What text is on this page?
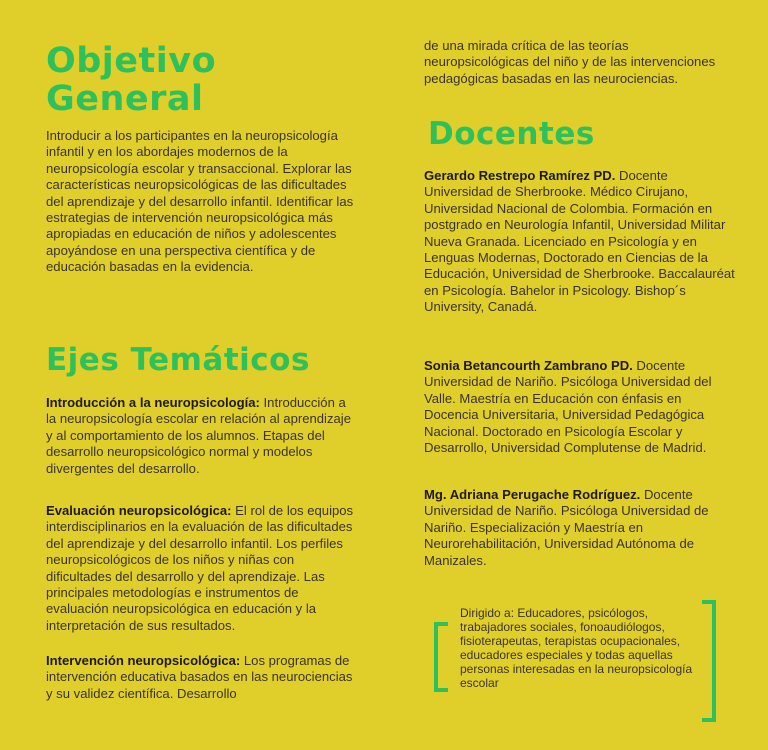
Objetivo
General

Introducir a los participantes en la neuropsicología infantil y en los abordajes modernos de la neuropsicología escolar y transaccional. Explorar las características neuropsicológicas de las dificultades del aprendizaje y del desarrollo infantil. Identificar las estrategias de intervención neuropsicológica más apropiadas en educación de niños y adolescentes apoyándose en una perspectiva científica y de educación basadas en la evidencia.

Ejes Temáticos

Introducción a la neuropsicología: Introducción a la neuropsicología escolar en relación al aprendizaje y al comportamiento de los alumnos. Etapas del desarrollo neuropsicológico normal y modelos divergentes del desarrollo.

Evaluación neuropsicológica: El rol de los equipos interdisciplinarios en la evaluación de las dificultades del aprendizaje y del desarrollo infantil. Los perfiles neuropsicológicos de los niños y niñas con dificultades del desarrollo y del aprendizaje. Las principales metodologías e instrumentos de evaluación neuropsicológica en educación y la interpretación de sus resultados.

Intervención neuropsicológica: Los programas de intervención educativa basados en las neurociencias y su validez científica. Desarrollo

de una mirada crítica de las teorías neuropsicológicas del niño y de las intervenciones pedagógicas basadas en las neurociencias.

Docentes

Gerardo Restrepo Ramírez PD. Docente Universidad de Sherbrooke. Médico Cirujano, Universidad Nacional de Colombia. Formación en postgrado en Neurología Infantil, Universidad Militar Nueva Granada. Licenciado en Psicología y en Lenguas Modernas, Doctorado en Ciencias de la Educación, Universidad de Sherbrooke. Baccalauréat en Psicología. Bahelor in Psicology. Bishop´s University, Canadá.

Sonia Betancourth Zambrano PD. Docente Universidad de Nariño. Psicóloga Universidad del Valle. Maestría en Educación con énfasis en Docencia Universitaria, Universidad Pedagógica Nacional. Doctorado en Psicología Escolar y Desarrollo, Universidad Complutense de Madrid.

Mg. Adriana Perugache Rodríguez. Docente Universidad de Nariño. Psicóloga Universidad de Nariño. Especialización y Maestría en Neurorehabilitación, Universidad Autónoma de Manizales.

Dirigido a: Educadores, psicólogos, trabajadores sociales, fonoaudiólogos, fisioterapeutas, terapistas ocupacionales, educadores especiales y todas aquellas personas interesadas en la neuropsicología escolar
